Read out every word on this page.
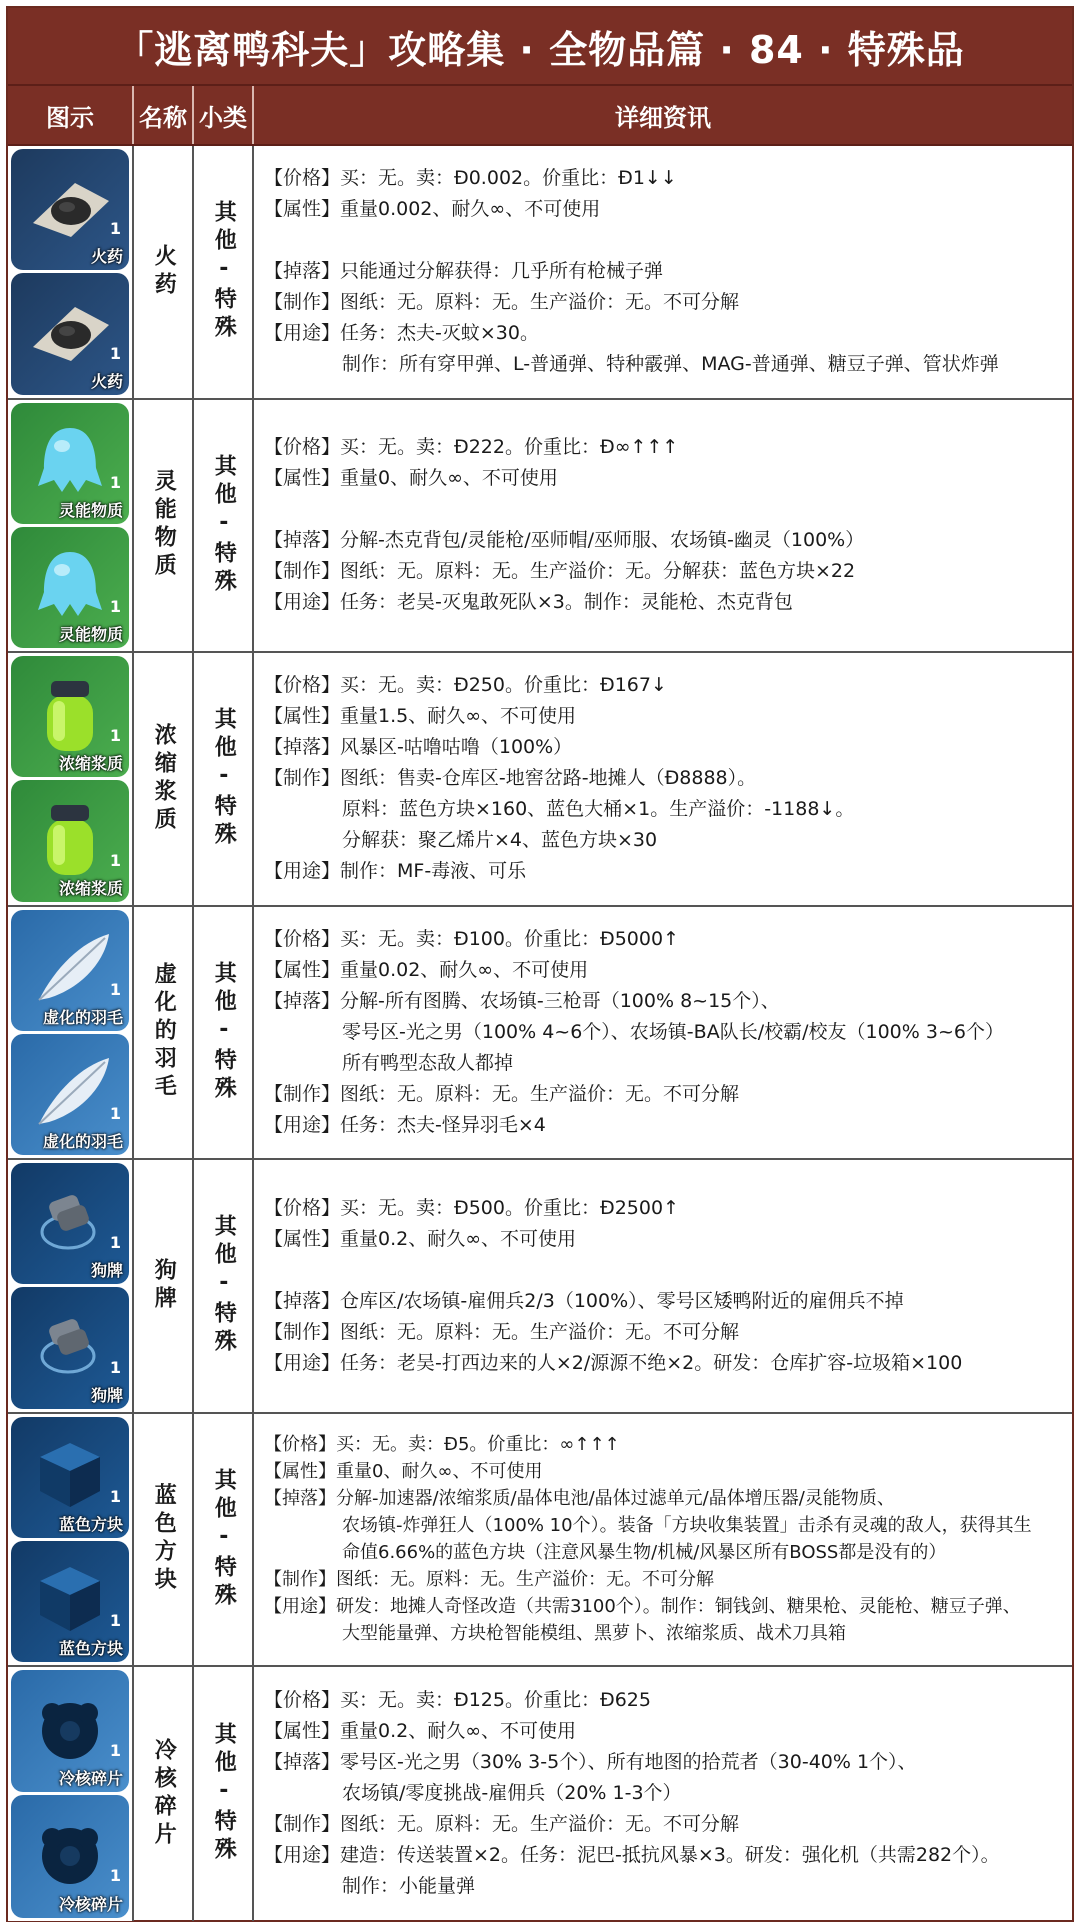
「逃离鸭科夫」攻略集 · 全物品篇 · 84 · 特殊品
图示	名称 小类	详细资讯
1
火药
1
火药
火药 其他-特殊
【价格】买：无。卖：Đ0.002。价重比：Đ1↓↓
【属性】重量0.002、耐久∞、不可使用
【掉落】只能通过分解获得：几乎所有枪械子弹
【制作】图纸：无。原料：无。生产溢价：无。不可分解
【用途】任务：杰夫-灭蚊×30。
制作：所有穿甲弹、L-普通弹、特种霰弹、MAG-普通弹、糖豆子弹、管状炸弹
1
灵能物质
1
灵能物质
灵能物质 其他-特殊
【价格】买：无。卖：Đ222。价重比：Đ∞↑↑↑
【属性】重量0、耐久∞、不可使用
【掉落】分解-杰克背包/灵能枪/巫师帽/巫师服、农场镇-幽灵（100%）
【制作】图纸：无。原料：无。生产溢价：无。分解获：蓝色方块×22
【用途】任务：老吴-灭鬼敢死队×3。制作：灵能枪、杰克背包
1
浓缩浆质
1
浓缩浆质
浓缩浆质 其他-特殊
【价格】买：无。卖：Đ250。价重比：Đ167↓
【属性】重量1.5、耐久∞、不可使用
【掉落】风暴区-咕噜咕噜（100%）
【制作】图纸：售卖-仓库区-地窖岔路-地摊人（Đ8888）。
原料：蓝色方块×160、蓝色大桶×1。生产溢价：-1188↓。
分解获：聚乙烯片×4、蓝色方块×30
【用途】制作：MF-毒液、可乐
1
虚化的羽毛
1
虚化的羽毛
虚化的羽毛 其他-特殊
【价格】买：无。卖：Đ100。价重比：Đ5000↑
【属性】重量0.02、耐久∞、不可使用
【掉落】分解-所有图腾、农场镇-三枪哥（100% 8~15个）、
零号区-光之男（100% 4~6个）、农场镇-BA队长/校霸/校友（100% 3~6个）
所有鸭型态敌人都掉
【制作】图纸：无。原料：无。生产溢价：无。不可分解
【用途】任务：杰夫-怪异羽毛×4
1
狗牌
1
狗牌
狗牌 其他-特殊
【价格】买：无。卖：Đ500。价重比：Đ2500↑
【属性】重量0.2、耐久∞、不可使用
【掉落】仓库区/农场镇-雇佣兵2/3（100%）、零号区矮鸭附近的雇佣兵不掉
【制作】图纸：无。原料：无。生产溢价：无。不可分解
【用途】任务：老吴-打西边来的人×2/源源不绝×2。研发：仓库扩容-垃圾箱×100
1
蓝色方块
1
蓝色方块
蓝色方块 其他-特殊
【价格】买：无。卖：Đ5。价重比：∞↑↑↑
【属性】重量0、耐久∞、不可使用
【掉落】分解-加速器/浓缩浆质/晶体电池/晶体过滤单元/晶体增压器/灵能物质、
农场镇-炸弹狂人（100% 10个）。装备「方块收集装置」击杀有灵魂的敌人，获得其生
命值6.66%的蓝色方块（注意风暴生物/机械/风暴区所有BOSS都是没有的）
【制作】图纸：无。原料：无。生产溢价：无。不可分解
【用途】研发：地摊人奇怪改造（共需3100个）。制作：铜钱剑、糖果枪、灵能枪、糖豆子弹、
大型能量弹、方块枪智能模组、黑萝卜、浓缩浆质、战术刀具箱
1
冷核碎片
1
冷核碎片
冷核碎片 其他-特殊
【价格】买：无。卖：Đ125。价重比：Đ625
【属性】重量0.2、耐久∞、不可使用
【掉落】零号区-光之男（30% 3-5个）、所有地图的拾荒者（30-40% 1个）、
农场镇/零度挑战-雇佣兵（20% 1-3个）
【制作】图纸：无。原料：无。生产溢价：无。不可分解
【用途】建造：传送装置×2。任务：泥巴-抵抗风暴×3。研发：强化机（共需282个）。
制作：小能量弹
